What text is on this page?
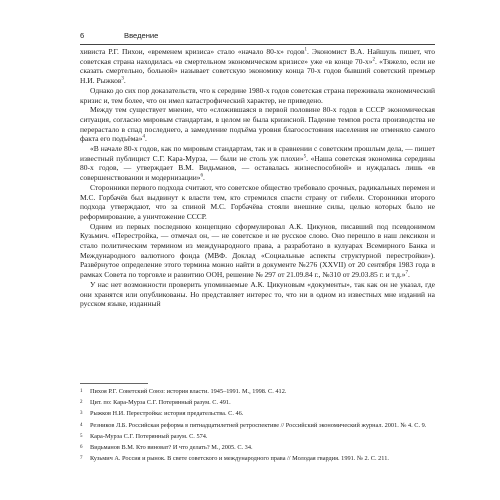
6	Введение

хивиста Р.Г. Пихои, «временем кризиса» стало «начало 80-х» годов$^1$. Экономист В.А. Найшуль пишет, что советская страна находилась «в смертельном экономическом кризисе» уже «в конце 70-х»$^2$. «Тяжело, если не сказать смертельно, больной» называет советскую экономику конца 70-х годов бывший советский премьер Н.И. Рыжков$^3$.

Однако до сих пор доказательств, что к середине 1980-х годов советская страна переживала экономический кризис и, тем более, что он имел катастрофический характер, не приведено.

Между тем существует мнение, что «сложившаяся в первой половине 80-х годов в СССР экономическая ситуация, согласно мировым стандартам, в целом не была кризисной. Падение темпов роста производства не перерастало в спад последнего, а замедление подъёма уровня благосостояния населения не отменяло самого факта его подъёма»$^4$.

«В начале 80-х годов, как по мировым стандартам, так и в сравнении с советским прошлым дела, — пишет известный публицист С.Г. Кара-Мурза, — были не столь уж плохи»$^5$. «Наша советская экономика середины 80-х годов, — утверждает В.М. Видьманов, — оставалась жизнеспособной» и нуждалась лишь «в совершенствовании и модернизации»$^6$.

Сторонники первого подхода считают, что советское общество требовало срочных, радикальных перемен и М.С. Горбачёв был выдвинут к власти тем, кто стремился спасти страну от гибели. Сторонники второго подхода утверждают, что за спиной М.С. Горбачёва стояли внешние силы, целью которых было не реформирование, а уничтожение СССР.

Одним из первых последнюю концепцию сформулировал А.К. Цикунов, писавший под псевдонимом Кузьмич. «Перестройка, — отмечал он, — не советское и не русское слово. Оно перешло в наш лексикон и стало политическим термином из международного права, а разработано в кулуарах Всемирного Банка и Международного валютного фонда (МВФ. Доклад «Социальные аспекты структурной перестройки»). Развёрнутое определение этого термина можно найти в документе №276 (XXVII) от 20 сентября 1983 года в рамках Совета по торговле и развитию ООН, решение № 297 от 21.09.84 г., №310 от 29.03.85 г. и т.д.»$^7$.

У нас нет возможности проверить упоминаемые А.К. Цикуновым «документы», так как он не указал, где они хранятся или опубликованы. Но представляет интерес то, что ни в одном из известных мне изданий на русском языке, изданный

1	Пихоя Р.Г. Советский Союз: история власти. 1945–1991. М., 1998. С. 412.
2	Цит. по: Кара-Мурза С.Г. Потерянный разум. С. 491.
3	Рыжков Н.И. Перестройка: история предательства. С. 46.
4	Резников Л.Б. Российская реформа в пятнадцатилетней ретроспективе // Российский экономический журнал. 2001. № 4. С. 9.
5	Кара-Мурза С.Г. Потерянный разум. С. 574.
6	Видьманов В.М. Кто виноват? И что делать? М., 2005. С. 34.
7	Кузьмич А. Россия и рынок. В свете советского и международного права // Молодая гвардия. 1991. № 2. С. 211.
